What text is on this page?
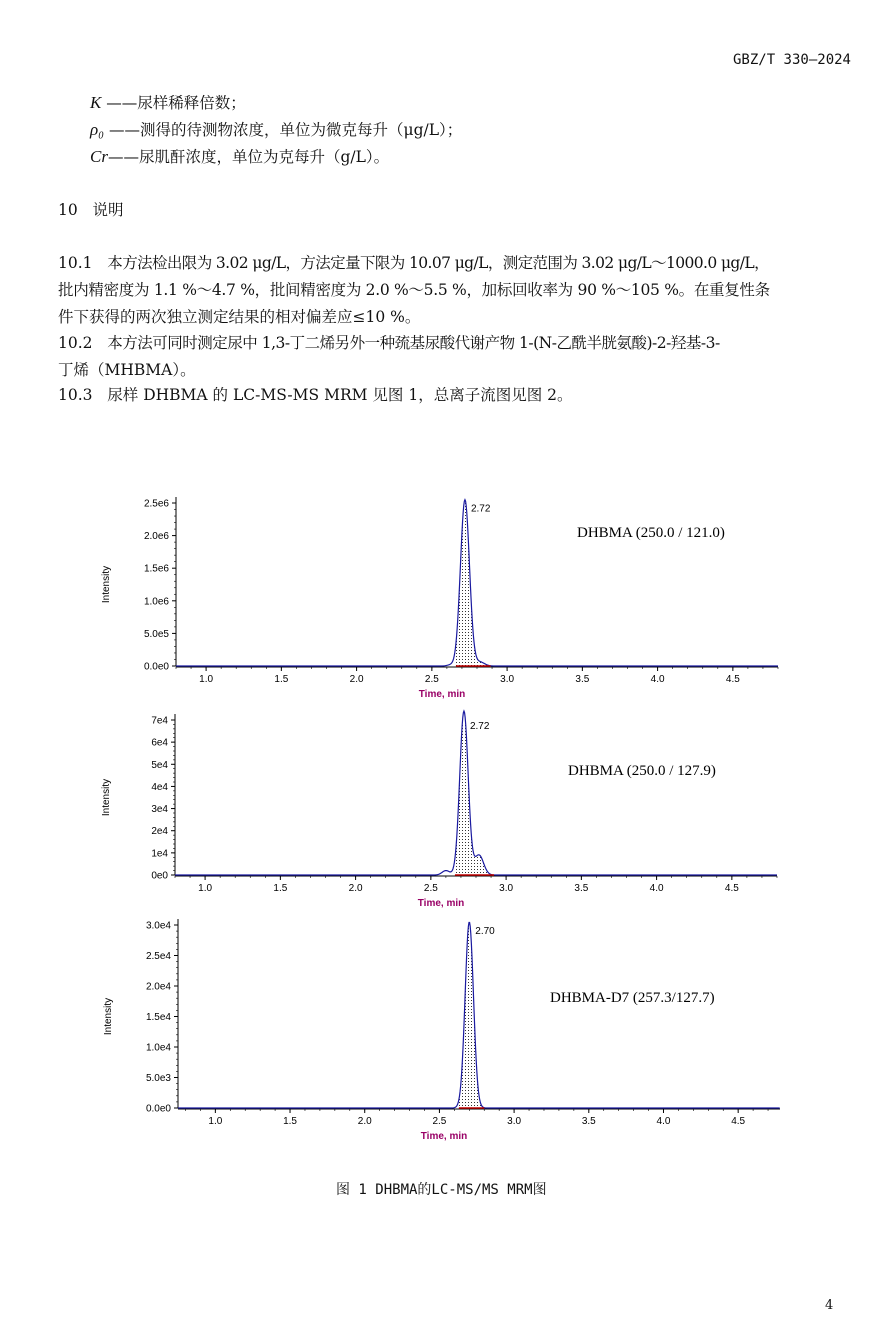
GBZ/T 330—2024
K ——尿样稀释倍数；
ρ₀ ——测得的待测物浓度，单位为微克每升（μg/L）；
Cr——尿肌酐浓度，单位为克每升（g/L）。
10 说明
10.1 本方法检出限为 3.02 μg/L，方法定量下限为 10.07 μg/L，测定范围为 3.02 μg/L～1000.0 μg/L，
批内精密度为 1.1 %～4.7 %，批间精密度为 2.0 %～5.5 %，加标回收率为 90 %～105 %。在重复性条
件下获得的两次独立测定结果的相对偏差应≤10 %。
10.2 本方法可同时测定尿中 1,3-丁二烯另外一种巯基尿酸代谢产物 1-(N-乙酰半胱氨酸)-2-羟基-3-
丁烯（MHBMA）。
10.3 尿样 DHBMA 的 LC-MS-MS MRM 见图 1，总离子流图见图 2。
0.0e0
5.0e5
1.0e6
1.5e6
2.0e6
2.5e6
1.0	1.5	2.0	2.5	3.0	3.5	4.0	4.5
Time, min
Intensity
DHBMA (250.0 / 121.0)
2.72
0e0
1e4
2e4
3e4
4e4
5e4
6e4
7e4
1.0	1.5	2.0	2.5	3.0	3.5	4.0	4.5
Time, min
Intensity
DHBMA (250.0 / 127.9)
2.72
0.0e0
5.0e3
1.0e4
1.5e4
2.0e4
2.5e4
3.0e4
1.0	1.5	2.0	2.5	3.0	3.5	4.0	4.5
Time, min
Intensity	DHBMA-D7 (257.3/127.7)
2.70
图 1 DHBMA的LC-MS/MS MRM图
4
